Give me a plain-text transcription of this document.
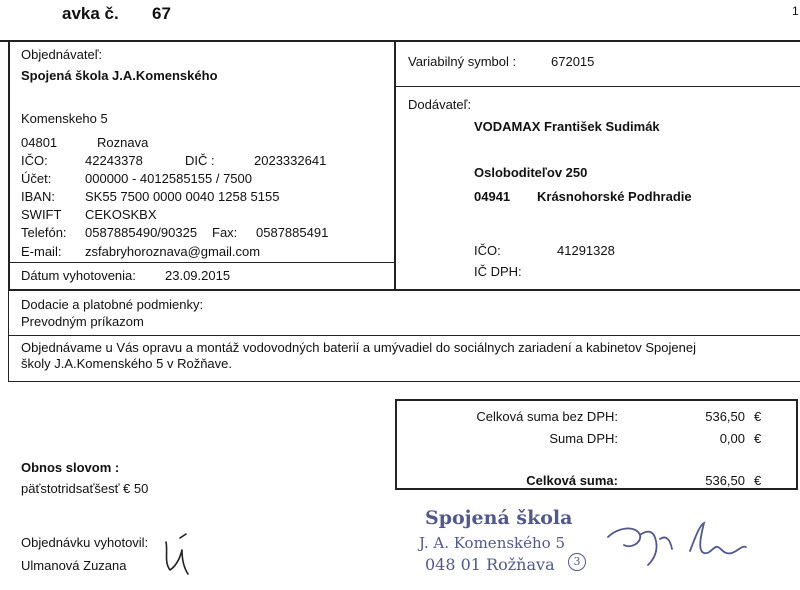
avka č. 67	1
Objednávateľ:
Spojená škola J.A.Komenského
Komenskeho 5
04801	Roznava
IČO:	42243378	DIČ :	2023332641
Účet:	000000 - 4012585155 / 7500
IBAN: SK55 7500 0000 0040 1258 5155
SWIFT CEKOSKBX
Telefón: 0587885490/90325 Fax: 0587885491
E-mail: zsfabryhoroznava@gmail.com
Dátum vyhotovenia: 23.09.2015
Variabilný symbol :	672015
Dodávateľ:
VODAMAX František Sudimák
Osloboditeľov 250
04941 Krásnohorské Podhradie
IČO:	41291328
IČ DPH:
Dodacie a platobné podmienky:
Prevodným príkazom
Objednávame u Vás opravu a montáž vodovodných baterií a umývadiel do sociálnych zariadení a kabinetov Spojenej
školy J.A.Komenského 5 v Rožňave.
Celková suma bez DPH:	536,50 €
Suma DPH:	0,00 €
Celková suma:	536,50 €
Obnos slovom :
päťstotridsaťšesť € 50
Objednávku vyhotovil:
Ulmanová Zuzana
Spojená škola
J. A. Komenského 5
048 01 Rožňava	3
